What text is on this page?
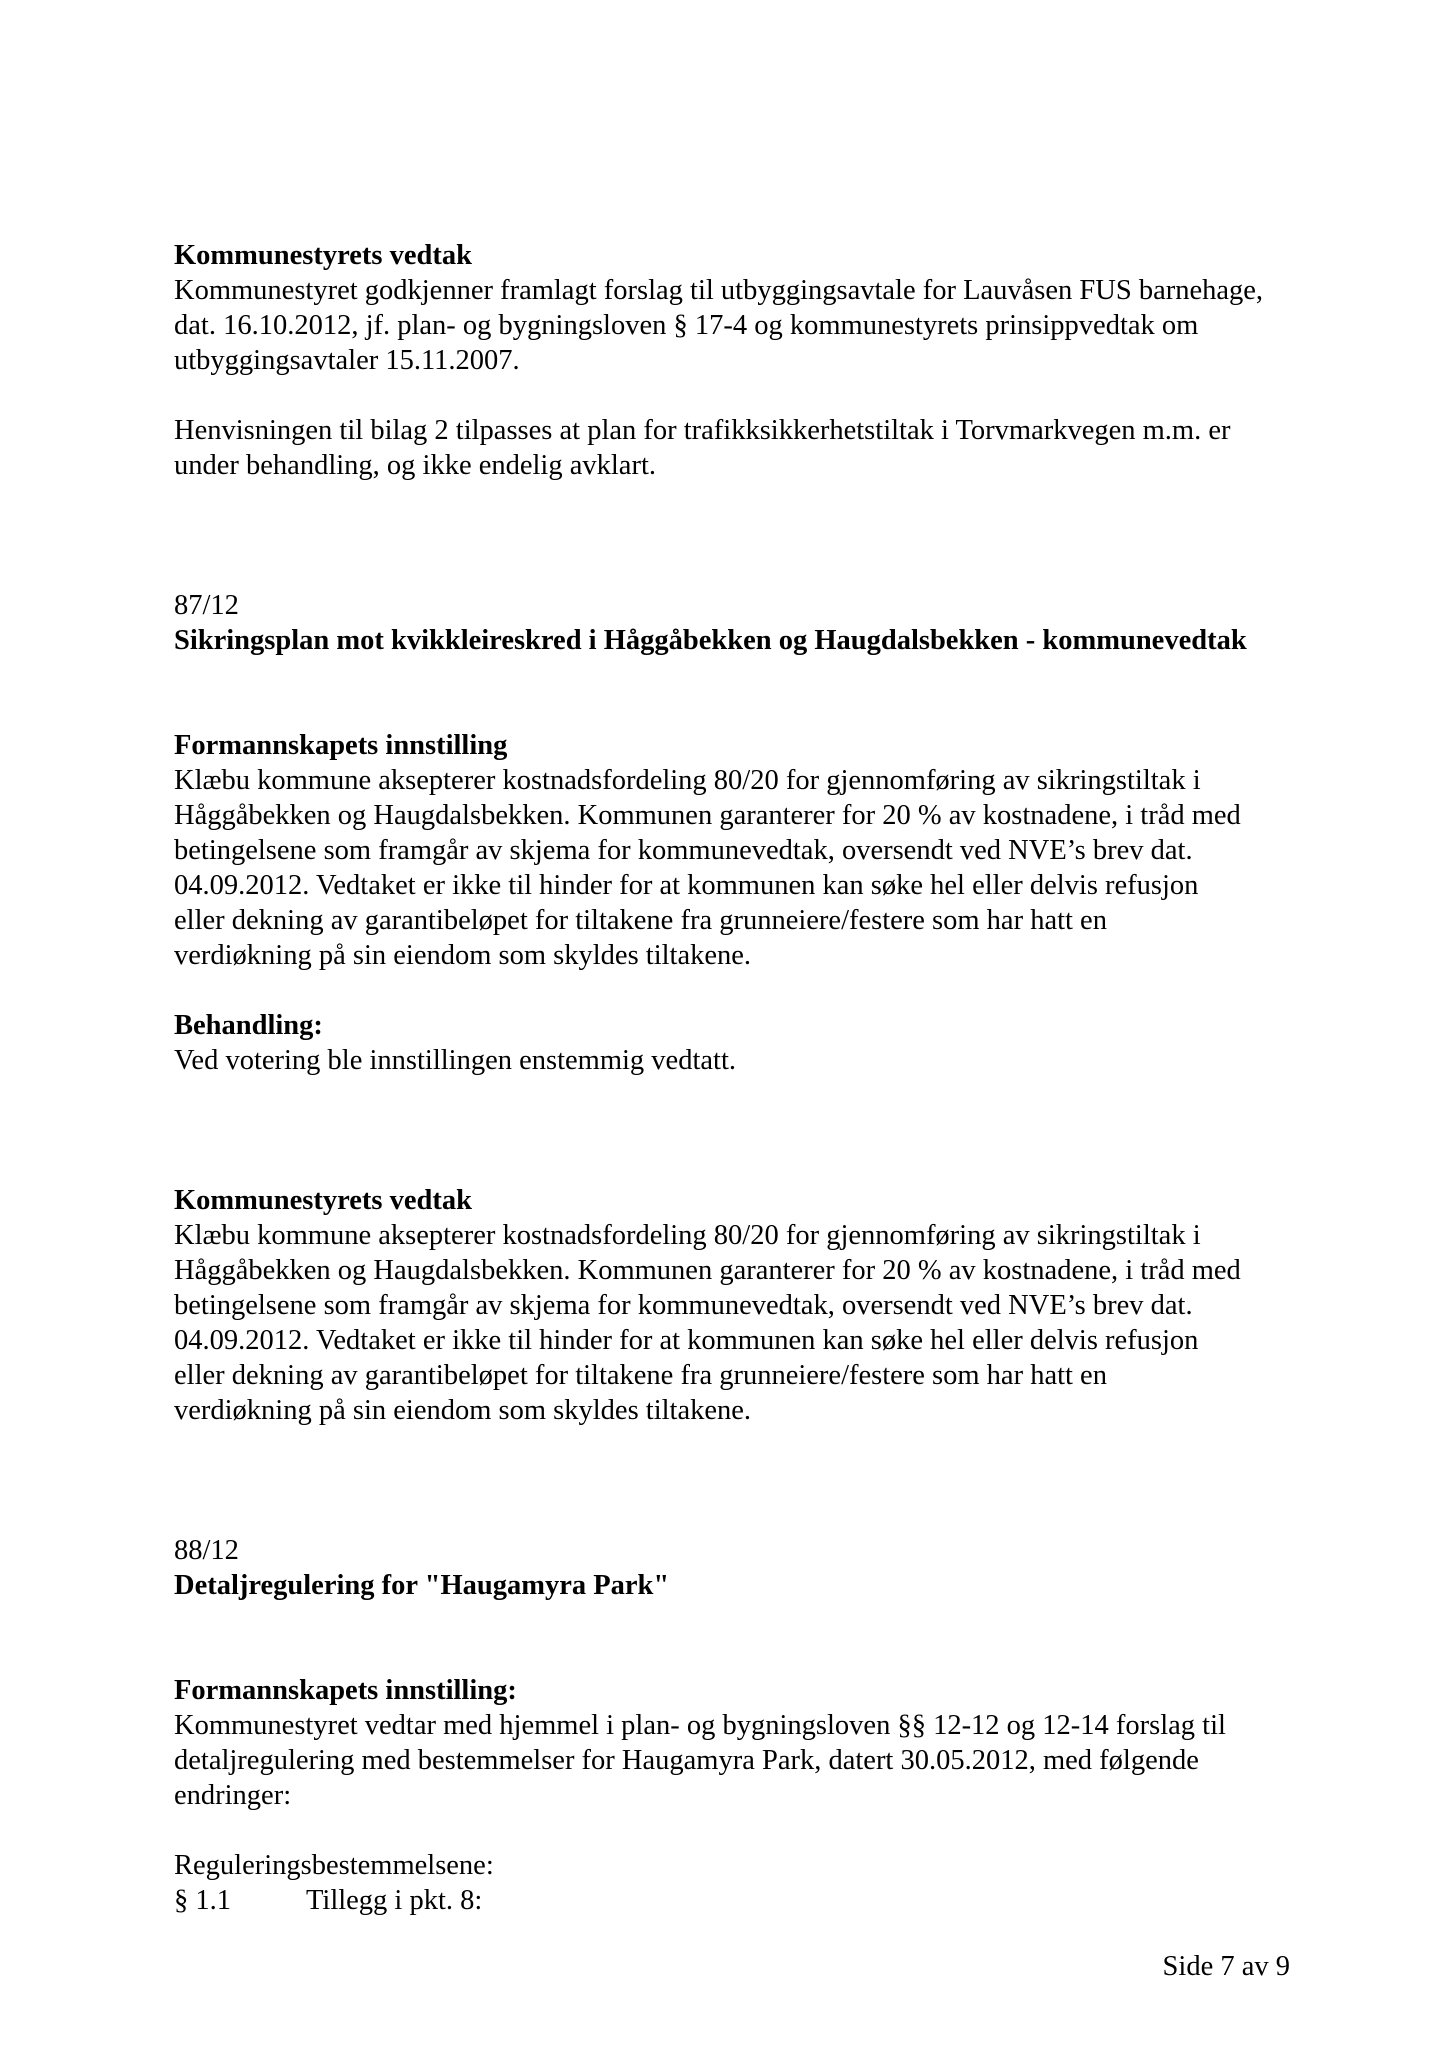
Kommunestyrets vedtak
Kommunestyret godkjenner framlagt forslag til utbyggingsavtale for Lauvåsen FUS barnehage,
dat. 16.10.2012, jf. plan- og bygningsloven § 17-4 og kommunestyrets prinsippvedtak om
utbyggingsavtaler 15.11.2007.
Henvisningen til bilag 2 tilpasses at plan for trafikksikkerhetstiltak i Torvmarkvegen m.m. er
under behandling, og ikke endelig avklart.
87/12
Sikringsplan mot kvikkleireskred i Håggåbekken og Haugdalsbekken - kommunevedtak
Formannskapets innstilling
Klæbu kommune aksepterer kostnadsfordeling 80/20 for gjennomføring av sikringstiltak i
Håggåbekken og Haugdalsbekken. Kommunen garanterer for 20 % av kostnadene, i tråd med
betingelsene som framgår av skjema for kommunevedtak, oversendt ved NVE’s brev dat.
04.09.2012. Vedtaket er ikke til hinder for at kommunen kan søke hel eller delvis refusjon
eller dekning av garantibeløpet for tiltakene fra grunneiere/festere som har hatt en
verdiøkning på sin eiendom som skyldes tiltakene.
Behandling:
Ved votering ble innstillingen enstemmig vedtatt.
Kommunestyrets vedtak
Klæbu kommune aksepterer kostnadsfordeling 80/20 for gjennomføring av sikringstiltak i
Håggåbekken og Haugdalsbekken. Kommunen garanterer for 20 % av kostnadene, i tråd med
betingelsene som framgår av skjema for kommunevedtak, oversendt ved NVE’s brev dat.
04.09.2012. Vedtaket er ikke til hinder for at kommunen kan søke hel eller delvis refusjon
eller dekning av garantibeløpet for tiltakene fra grunneiere/festere som har hatt en
verdiøkning på sin eiendom som skyldes tiltakene.
88/12
Detaljregulering for "Haugamyra Park"
Formannskapets innstilling:
Kommunestyret vedtar med hjemmel i plan- og bygningsloven §§ 12-12 og 12-14 forslag til
detaljregulering med bestemmelser for Haugamyra Park, datert 30.05.2012, med følgende
endringer:
Reguleringsbestemmelsene:
§ 1.1	Tillegg i pkt. 8:
Side 7 av 9
